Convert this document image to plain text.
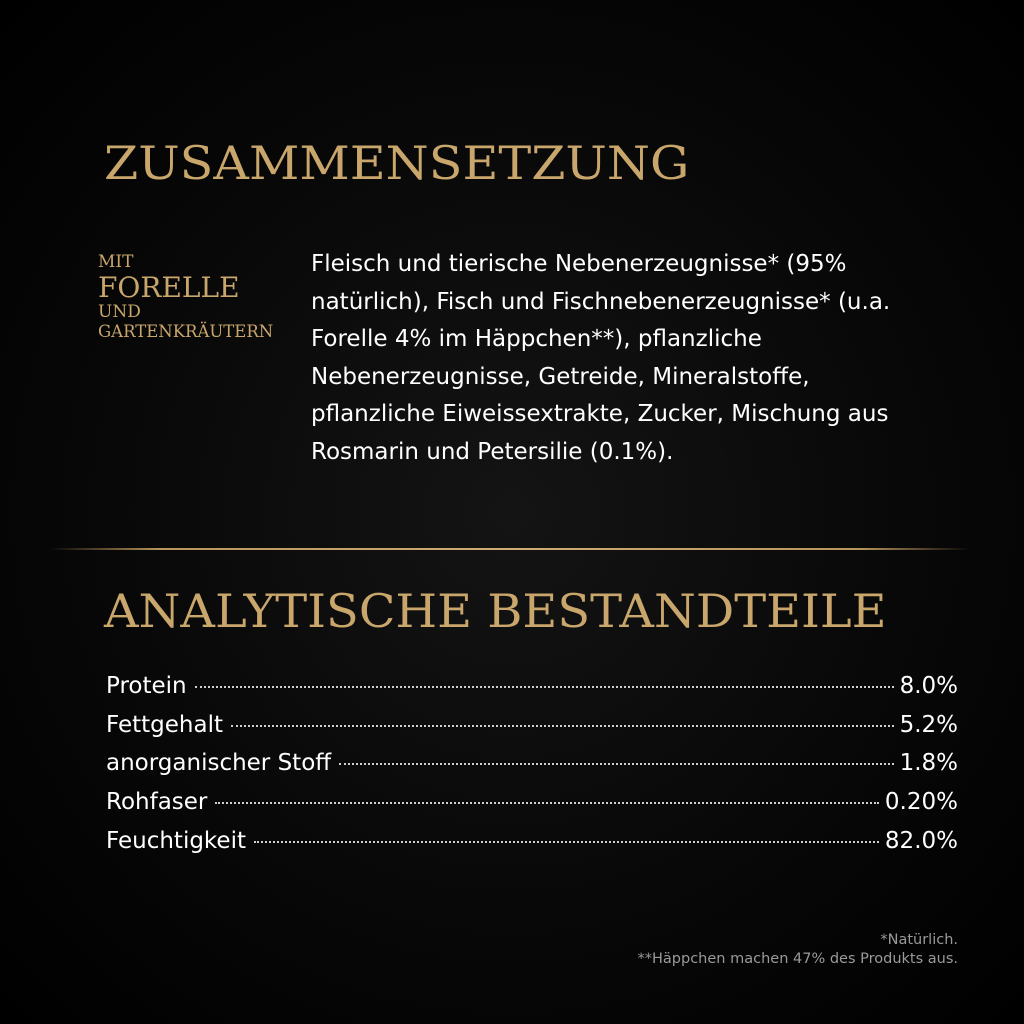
ZUSAMMENSETZUNG
MIT
FORELLE
UND
GARTENKRÄUTERN

Fleisch und tierische Nebenerzeugnisse* (95% natürlich), Fisch und Fischnebenerzeugnisse* (u.a. Forelle 4% im Häppchen**), pflanzliche Nebenerzeugnisse, Getreide, Mineralstoffe, pflanzliche Eiweissextrakte, Zucker, Mischung aus Rosmarin und Petersilie (0.1%).

ANALYTISCHE BESTANDTEILE
Protein	8.0%
Fettgehalt	5.2%
anorganischer Stoff	1.8%
Rohfaser	0.20%
Feuchtigkeit	82.0%
*Natürlich.
**Häppchen machen 47% des Produkts aus.
